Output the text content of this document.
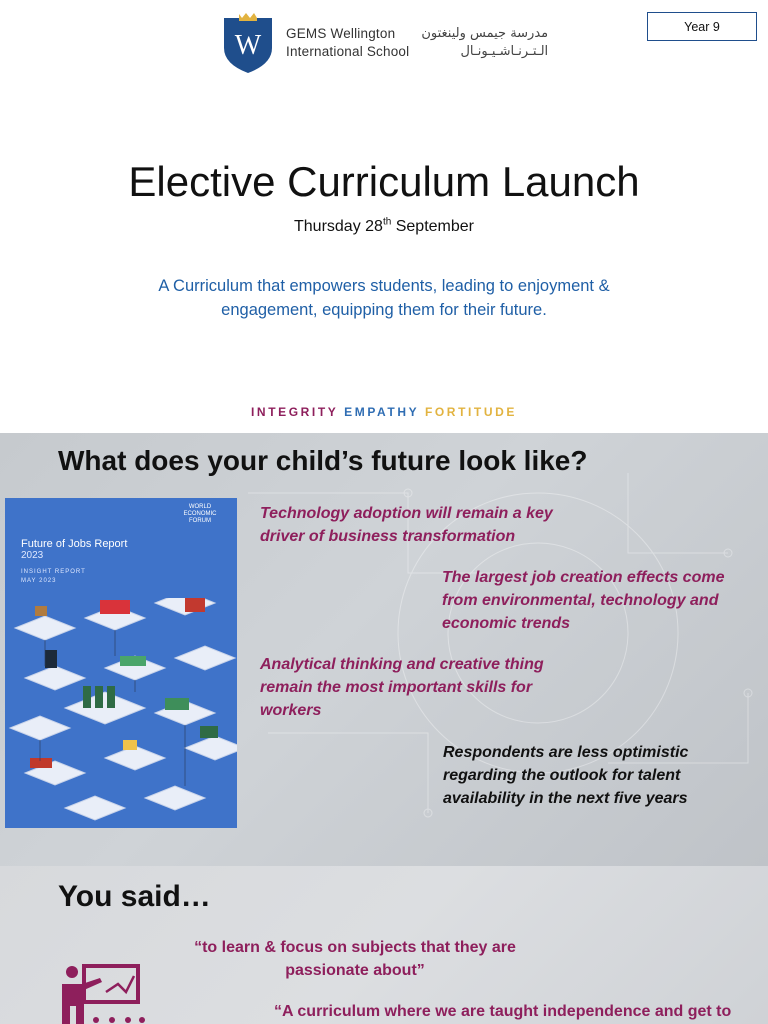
W GEMS Wellington
International School
مدرسة جيمس ولينغتون
الـتـرنـاشـيـونـال
Year 9
Elective Curriculum Launch
Thursday 28th September

A Curriculum that empowers students, leading to enjoyment & engagement, equipping them for their future.

INTEGRITY EMPATHY FORTITUDE
What does your child’s future look like?
WORLD
ECONOMIC
FORUM
Future of Jobs Report
2023
INSIGHT REPORT
MAY 2023

Technology adoption will remain a key driver of business transformation

The largest job creation effects come from environmental, technology and economic trends

Analytical thinking and creative thing remain the most important skills for workers

Respondents are less optimistic regarding the outlook for talent availability in the next five years

You said…

“to learn & focus on subjects that they are passionate about”

“A curriculum where we are taught independence and get to
